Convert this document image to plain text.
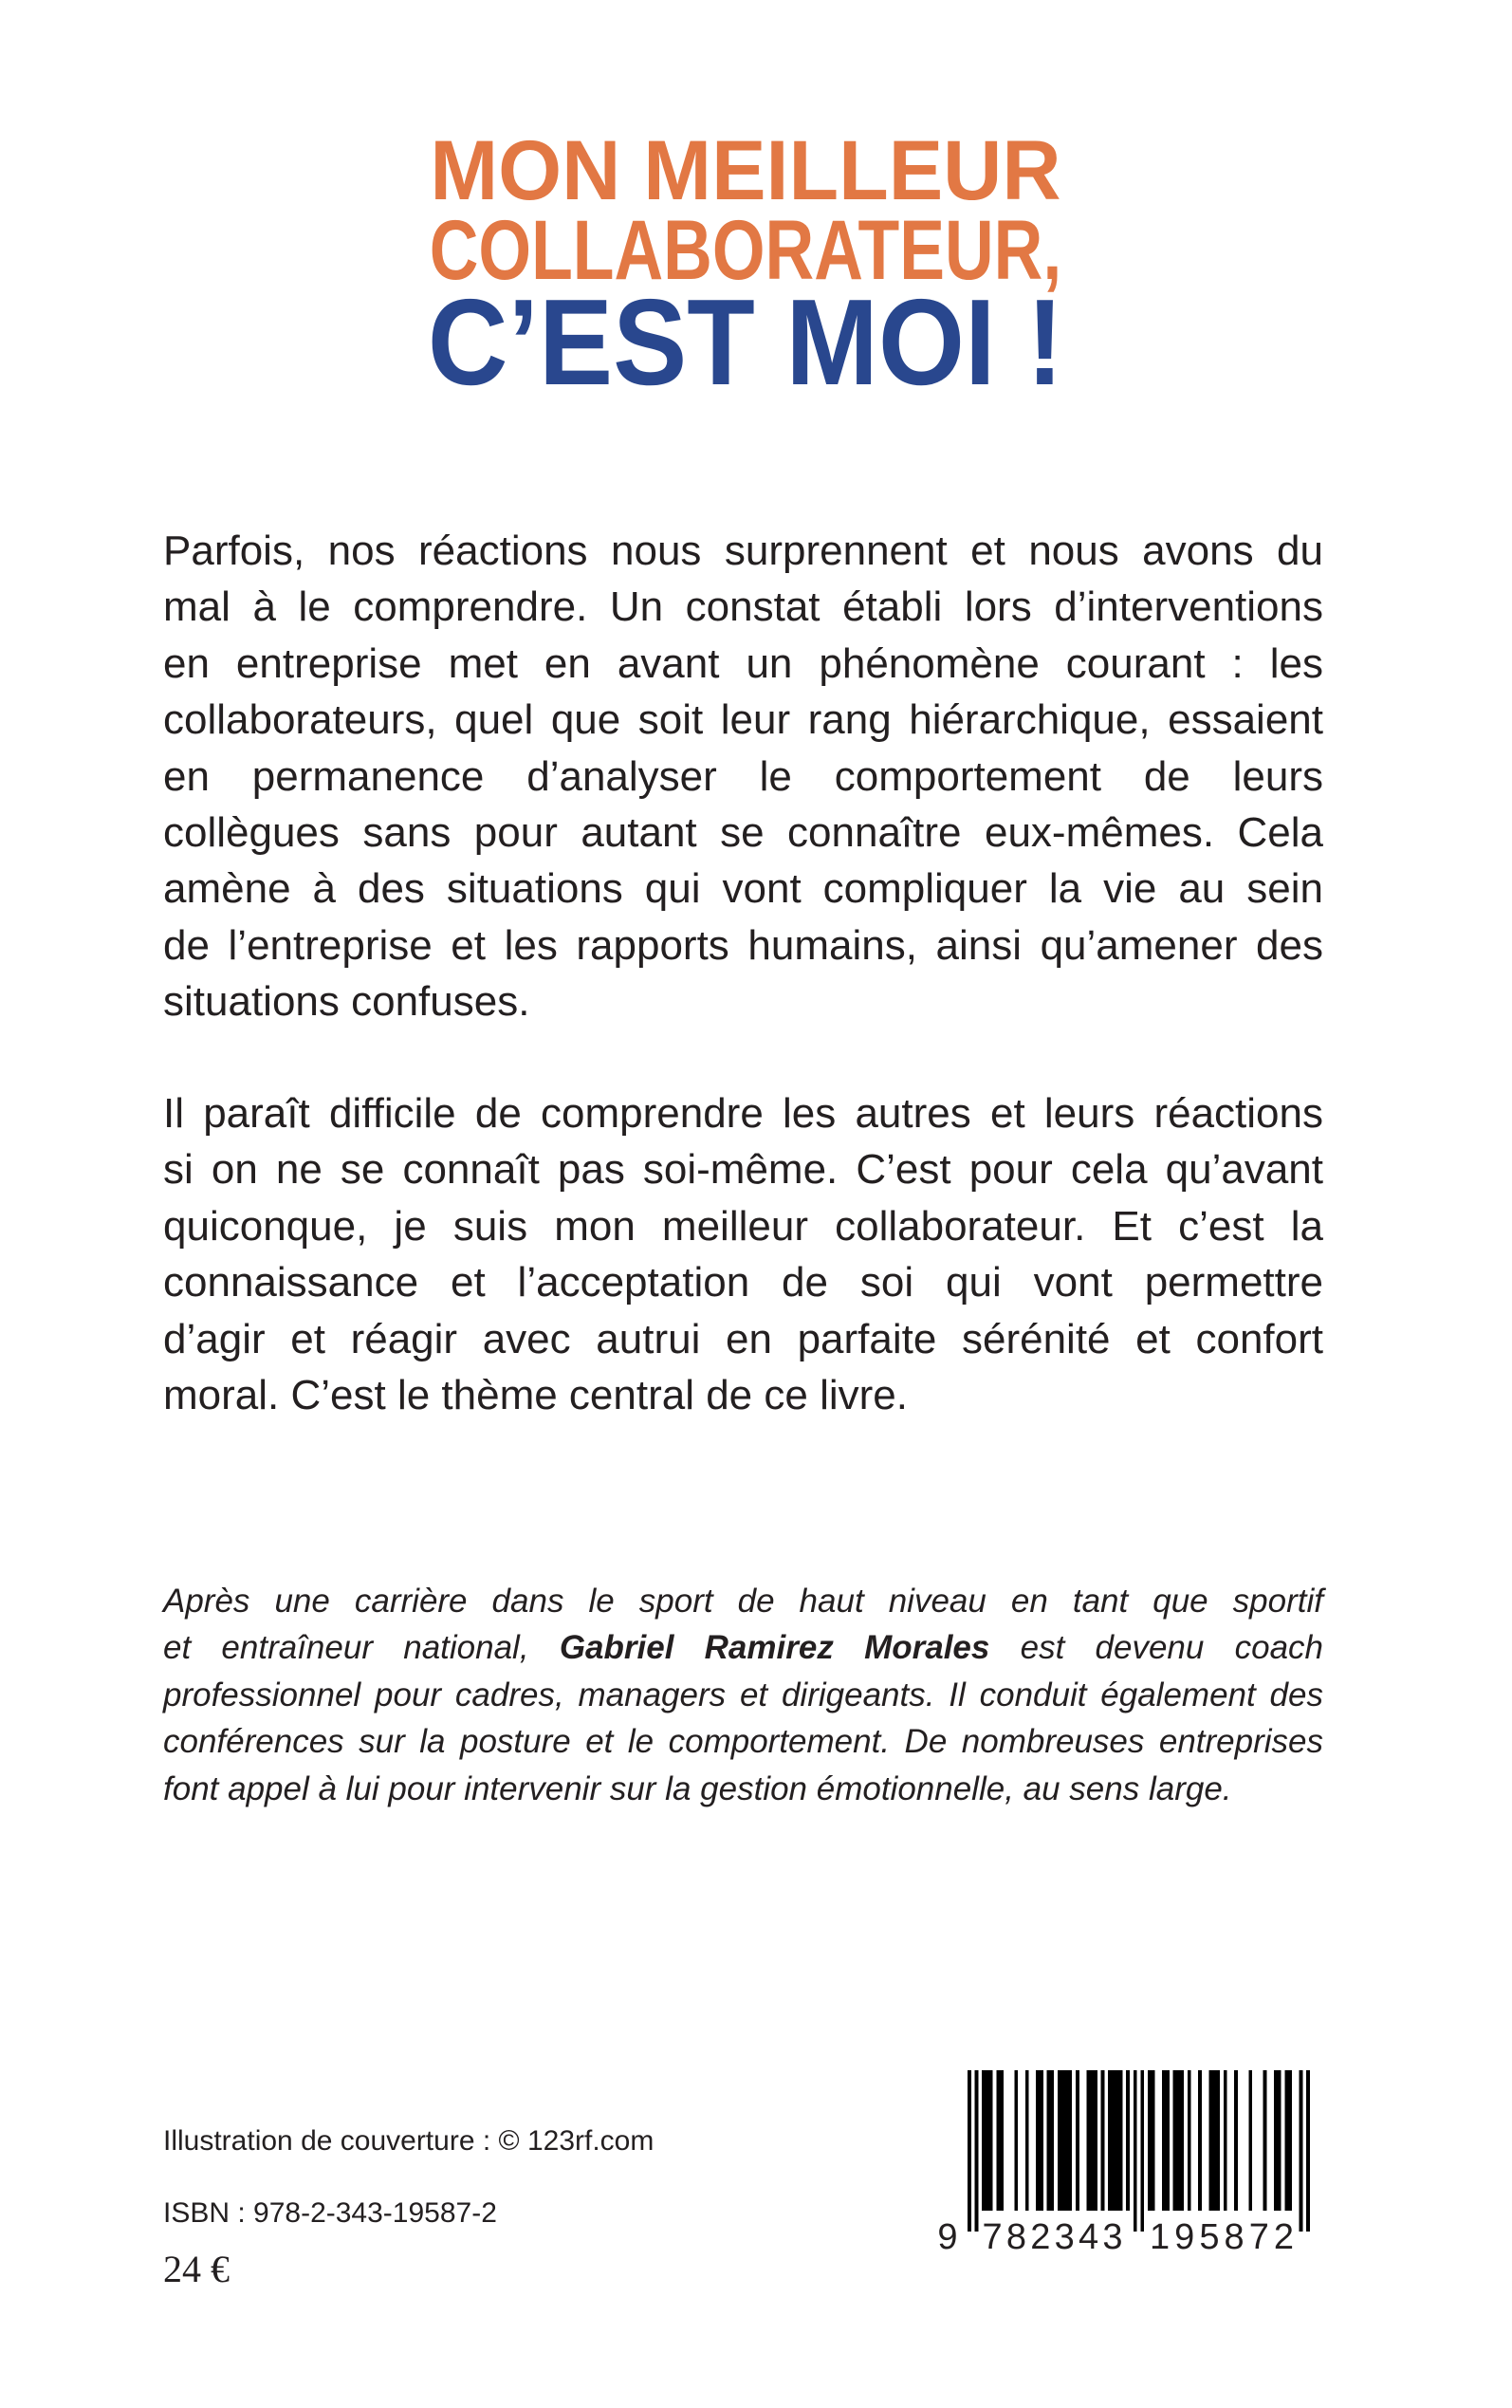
MON MEILLEUR
COLLABORATEUR,
C’EST MOI !
Parfois, nos réactions nous surprennent et nous avons du
mal à le comprendre. Un constat établi lors d’interventions
en entreprise met en avant un phénomène courant : les
collaborateurs, quel que soit leur rang hiérarchique, essaient
en permanence d’analyser le comportement de leurs
collègues sans pour autant se connaître eux-mêmes. Cela
amène à des situations qui vont compliquer la vie au sein
de l’entreprise et les rapports humains, ainsi qu’amener des
situations confuses.
Il paraît difficile de comprendre les autres et leurs réactions
si on ne se connaît pas soi-même. C’est pour cela qu’avant
quiconque, je suis mon meilleur collaborateur. Et c’est la
connaissance et l’acceptation de soi qui vont permettre
d’agir et réagir avec autrui en parfaite sérénité et confort
moral. C’est le thème central de ce livre.
Après une carrière dans le sport de haut niveau en tant que sportif
et entraîneur national, Gabriel Ramirez Morales est devenu coach
professionnel pour cadres, managers et dirigeants. Il conduit également des
conférences sur la posture et le comportement. De nombreuses entreprises
font appel à lui pour intervenir sur la gestion émotionnelle, au sens large.
Illustration de couverture : © 123rf.com
ISBN : 978-2-343-19587-2
24 €
9 782343 195872
